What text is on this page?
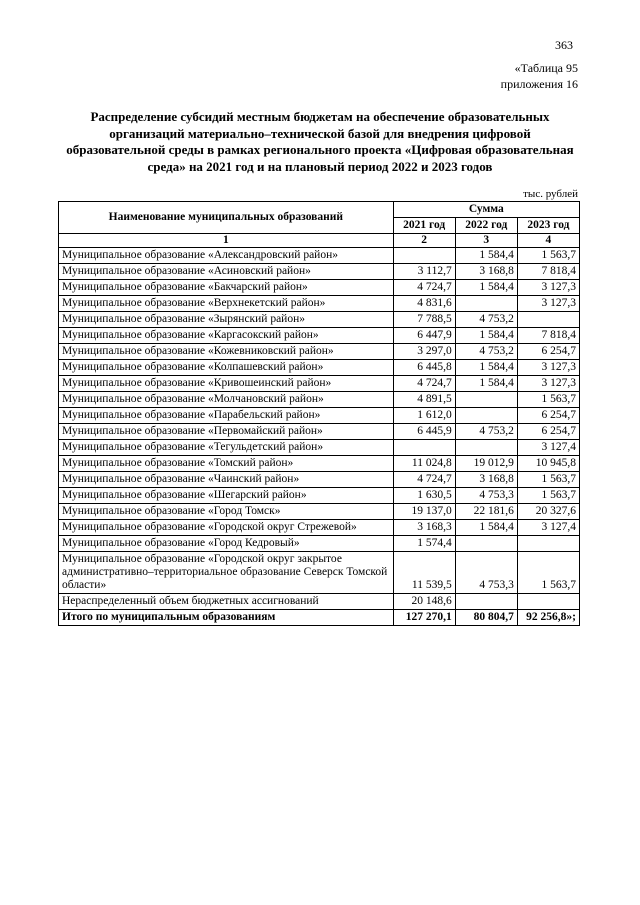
363
«Таблица 95
приложения 16
Распределение субсидий местным бюджетам на обеспечение образовательных организаций материально–технической базой для внедрения цифровой образовательной среды в рамках регионального проекта «Цифровая образовательная среда» на 2021 год и на плановый период 2022 и 2023 годов
тыс. рублей
Наименование муниципальных образований	Сумма		
	2021 год	2022 год	2023 год
1	2	3	4
Муниципальное образование «Александровский район»		1 584,4	1 563,7
Муниципальное образование «Асиновский район»	3 112,7	3 168,8	7 818,4
Муниципальное образование «Бакчарский район»	4 724,7	1 584,4	3 127,3
Муниципальное образование «Верхнекетский район»	4 831,6		3 127,3
Муниципальное образование «Зырянский район»	7 788,5	4 753,2	
Муниципальное образование «Каргасокский район»	6 447,9	1 584,4	7 818,4
Муниципальное образование «Кожевниковский район»	3 297,0	4 753,2	6 254,7
Муниципальное образование «Колпашевский район»	6 445,8	1 584,4	3 127,3
Муниципальное образование «Кривошеинский район»	4 724,7	1 584,4	3 127,3
Муниципальное образование «Молчановский район»	4 891,5		1 563,7
Муниципальное образование «Парабельский район»	1 612,0		6 254,7
Муниципальное образование «Первомайский район»	6 445,9	4 753,2	6 254,7
Муниципальное образование «Тегульдетский район»			3 127,4
Муниципальное образование «Томский район»	11 024,8	19 012,9	10 945,8
Муниципальное образование «Чаинский район»	4 724,7	3 168,8	1 563,7
Муниципальное образование «Шегарский район»	1 630,5	4 753,3	1 563,7
Муниципальное образование «Город Томск»	19 137,0	22 181,6	20 327,6
Муниципальное образование «Городской округ Стрежевой»	3 168,3	1 584,4	3 127,4
Муниципальное образование «Город Кедровый»	1 574,4		
Муниципальное образование «Городской округ закрытое административно–территориальное образование Северск Томской области»	11 539,5	4 753,3	1 563,7
Нераспределенный объем бюджетных ассигнований	20 148,6		
Итого по муниципальным образованиям	127 270,1	80 804,7	92 256,8»;
